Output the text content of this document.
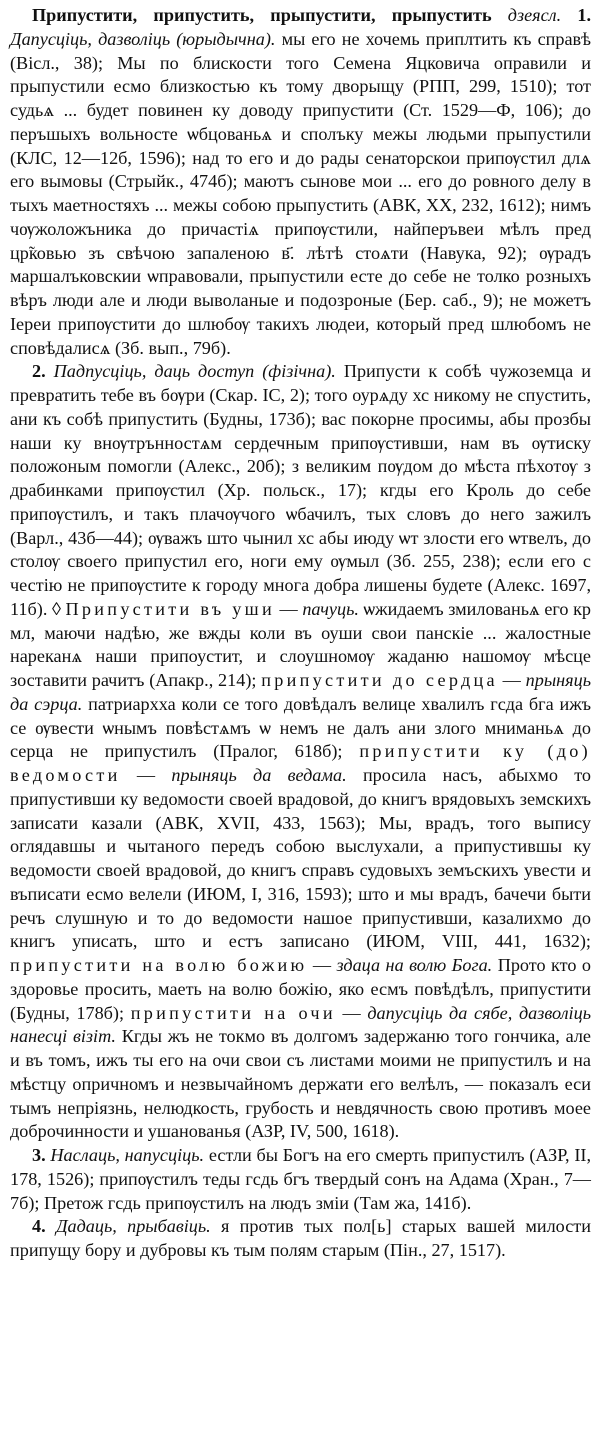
Припустити, припустить, прыпустити, прыпустить дзеясл. 1. Дапусціць, дазволіць (юрыдычна). мы его не хочемь приплтить къ справѣ (Вісл., 38); Мы по блискости того Семена Яцковича оправили и прыпустили есмо близкостью къ тому дворыщу (РПП, 299, 1510); тот судьѧ ... будет повинен ку доводу припустити (Ст. 1529—Ф, 106); до перъшыхъ вольносте ѡбцованьѧ и сполъку межы людьми прыпустили (КЛС, 12—12б, 1596); над то его и до рады сенаторскои припѹстил длѧ его вымовы (Стрыйк., 474б); маютъ сынове мои ... его до ровного делу в тыхъ маетностяхъ ... межы собою прыпустить (АВК, XX, 232, 1612); нимъ чѹжоложъника до причастіѧ припѹстили, найперъвеи мѣлъ пред цр̃ковью зъ свѣчою запаленою в҃. лѣтѣ стоѧти (Навука, 92); ѹрадъ маршалъковскии ѡправовали, прыпустили есте до себе не толко розныхъ вѣръ люди але и люди выволаные и подозроные (Бер. саб., 9); не можетъ Іереи припѹстити до шлюбѹ такихъ людеи, который пред шлюбомъ не сповѣдалисѧ (Зб. вып., 79б).

2. Падпусціць, даць доступ (фізічна). Припусти к собѣ чужоземца и превратить тебе въ бѹри (Скар. ІС, 2); того оурѧду хс никому не спустить, ани къ собѣ припустить (Будны, 173б); вас покорне просимы, абы прозбы наши ку внѹтрънностѧм сердечным припѹстивши, нам въ ѹтиску положоным помогли (Алекс., 20б); з великим пѹдом до мѣста пѣхотѹ з драбинками припѹстил (Хр. польск., 17); кгды его Кроль до себе припѹстилъ, и такъ плачѹчого ѡбачилъ, тых словъ до него зажилъ (Варл., 43б—44); ѹважъ што чынил хс абы июду ѡт злости его ѡтвелъ, до столѹ своего припустил его, ноги ему ѹмыл (Зб. 255, 238); если его с честію не припѹстите к городу многа добра лишены будете (Алекс. 1697, 11б). ◊ Припустити въ уши — пачуць. ѡжидаемъ змилованьѧ его кр мл, маючи надѣю, же вжды коли въ оуши свои панскіе ... жалостные нареканѧ наши припоустит, и слоушномѹ жаданю нашомѹ мѣсце зоставити рачитъ (Апакр., 214); припустити до сердца — прыняць да сэрца. патриархха коли се того довѣдалъ велице хвалилъ гсда бга ижъ се ѹвести ѡнымъ повѣстѧмъ ѡ немъ не далъ ани злого мниманьѧ до серца не припустилъ (Пралог, 618б); припустити ку (до) ведомости — прыняць да ведама. просила насъ, абыхмо то припустивши ку ведомости своей врадовой, до книгъ врядовыхъ земскихъ записати казали (АВК, XVII, 433, 1563); Мы, врадъ, того выпису оглядавшы и чытаного передъ собою выслухали, а припустившы ку ведомости своей врадовой, до книгъ справъ судовыхъ земъскихъ увести и въписати есмо велели (ИЮМ, I, 316, 1593); што и мы врадъ, бачечи быти речъ слушную и то до ведомости нашое припустивши, казалихмо до книгъ уписать, што и естъ записано (ИЮМ, VIII, 441, 1632); припустити на волю божию — здаца на волю Бога. Прото кто о здоровье просить, маеть на волю божію, яко есмъ повѣдѣлъ, припустити (Будны, 178б); припустити на очи — дапусціць да сябе, дазволіць нанесці візіт. Кгды жъ не токмо въ долгомъ задержаню того гончика, але и въ томъ, ижъ ты его на очи свои съ листами моими не припустилъ и на мѣстцу опричномъ и незвычайномъ держати его велѣлъ, — показалъ еси тымъ непріязнь, нелюдкость, грубость и невдячность свою противъ моее доброчинности и ушанованья (АЗР, IV, 500, 1618).

3. Наслаць, напусціць. естли бы Богъ на его смерть припустилъ (АЗР, II, 178, 1526); припѹстилъ теды гсдь бгъ твердый сонъ на Адама (Хран., 7—7б); Претож гсдь припѹстилъ на людъ зміи (Там жа, 141б).

4. Дадаць, прыбавіць. я против тых пол[ь] старых вашей милости припущу бору и дубровы къ тым полям старым (Пін., 27, 1517).
